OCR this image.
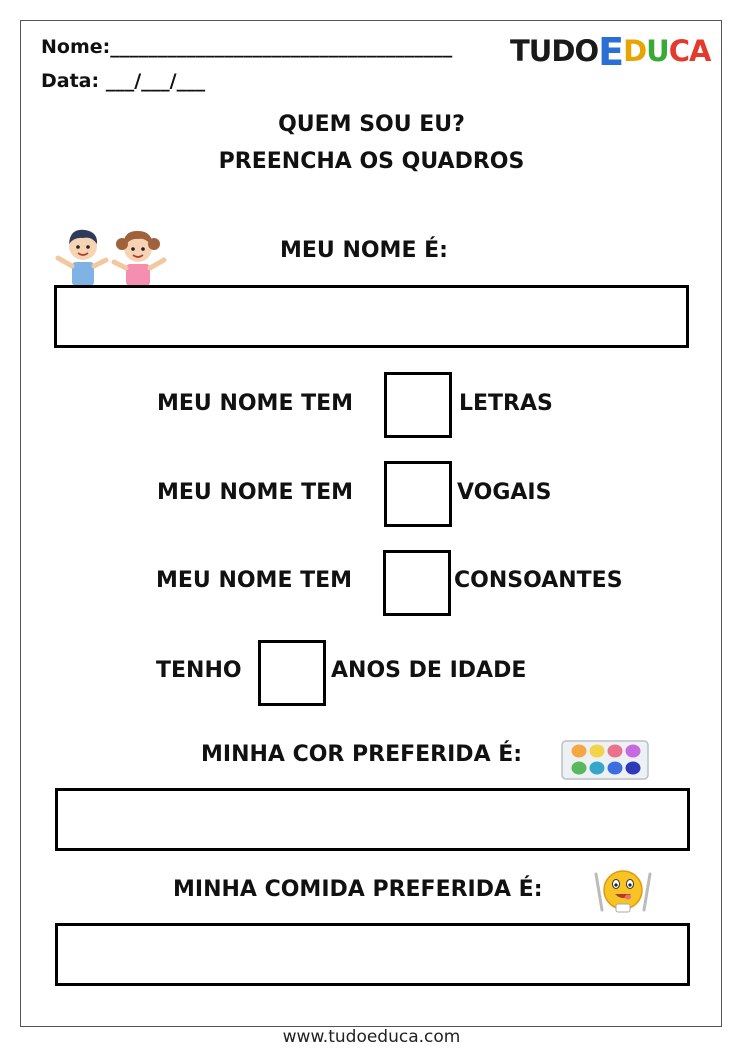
Nome:____________________________________
Data: ___/___/___
TUDOEDUCA
QUEM SOU EU?
PREENCHA OS QUADROS
MEU NOME É:
MEU NOME TEM	LETRAS
MEU NOME TEM	VOGAIS
MEU NOME TEM	CONSOANTES
TENHO	ANOS DE IDADE
MINHA COR PREFERIDA É:
MINHA COMIDA PREFERIDA É:
www.tudoeduca.com
